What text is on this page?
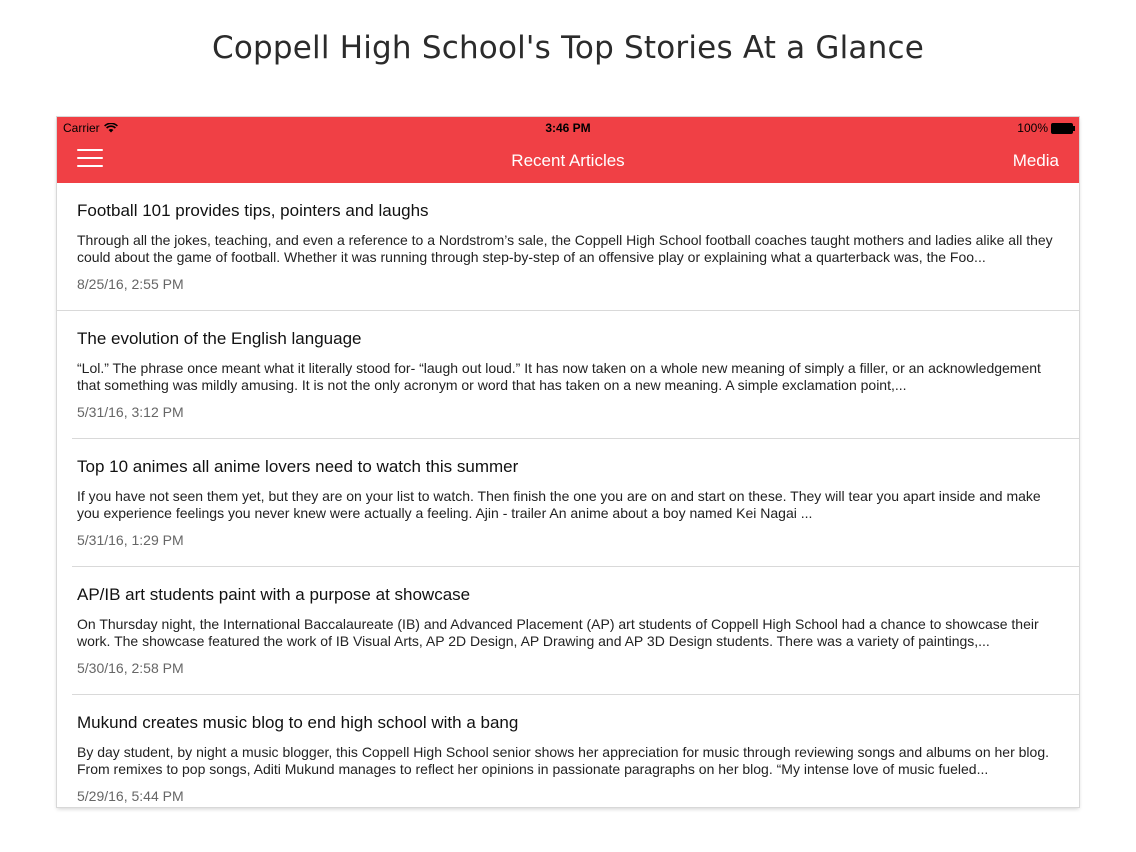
Coppell High School's Top Stories At a Glance
Carrier	3:46 PM	100%
Recent Articles	Media
Football 101 provides tips, pointers and laughs
Through all the jokes, teaching, and even a reference to a Nordstrom’s sale, the Coppell High School football coaches taught mothers and ladies alike all they could about the game of football. Whether it was running through step-by-step of an offensive play or explaining what a quarterback was, the Foo...
8/25/16, 2:55 PM
The evolution of the English language
“Lol.” The phrase once meant what it literally stood for- “laugh out loud.” It has now taken on a whole new meaning of simply a filler, or an acknowledgement that something was mildly amusing. It is not the only acronym or word that has taken on a new meaning. A simple exclamation point,...
5/31/16, 3:12 PM
Top 10 animes all anime lovers need to watch this summer
If you have not seen them yet, but they are on your list to watch. Then finish the one you are on and start on these. They will tear you apart inside and make you experience feelings you never knew were actually a feeling. Ajin - trailer An anime about a boy named Kei Nagai ...
5/31/16, 1:29 PM
AP/IB art students paint with a purpose at showcase
On Thursday night, the International Baccalaureate (IB) and Advanced Placement (AP) art students of Coppell High School had a chance to showcase their work. The showcase featured the work of IB Visual Arts, AP 2D Design, AP Drawing and AP 3D Design students. There was a variety of paintings,...
5/30/16, 2:58 PM
Mukund creates music blog to end high school with a bang
By day student, by night a music blogger, this Coppell High School senior shows her appreciation for music through reviewing songs and albums on her blog. From remixes to pop songs, Aditi Mukund manages to reflect her opinions in passionate paragraphs on her blog. “My intense love of music fueled...
5/29/16, 5:44 PM
